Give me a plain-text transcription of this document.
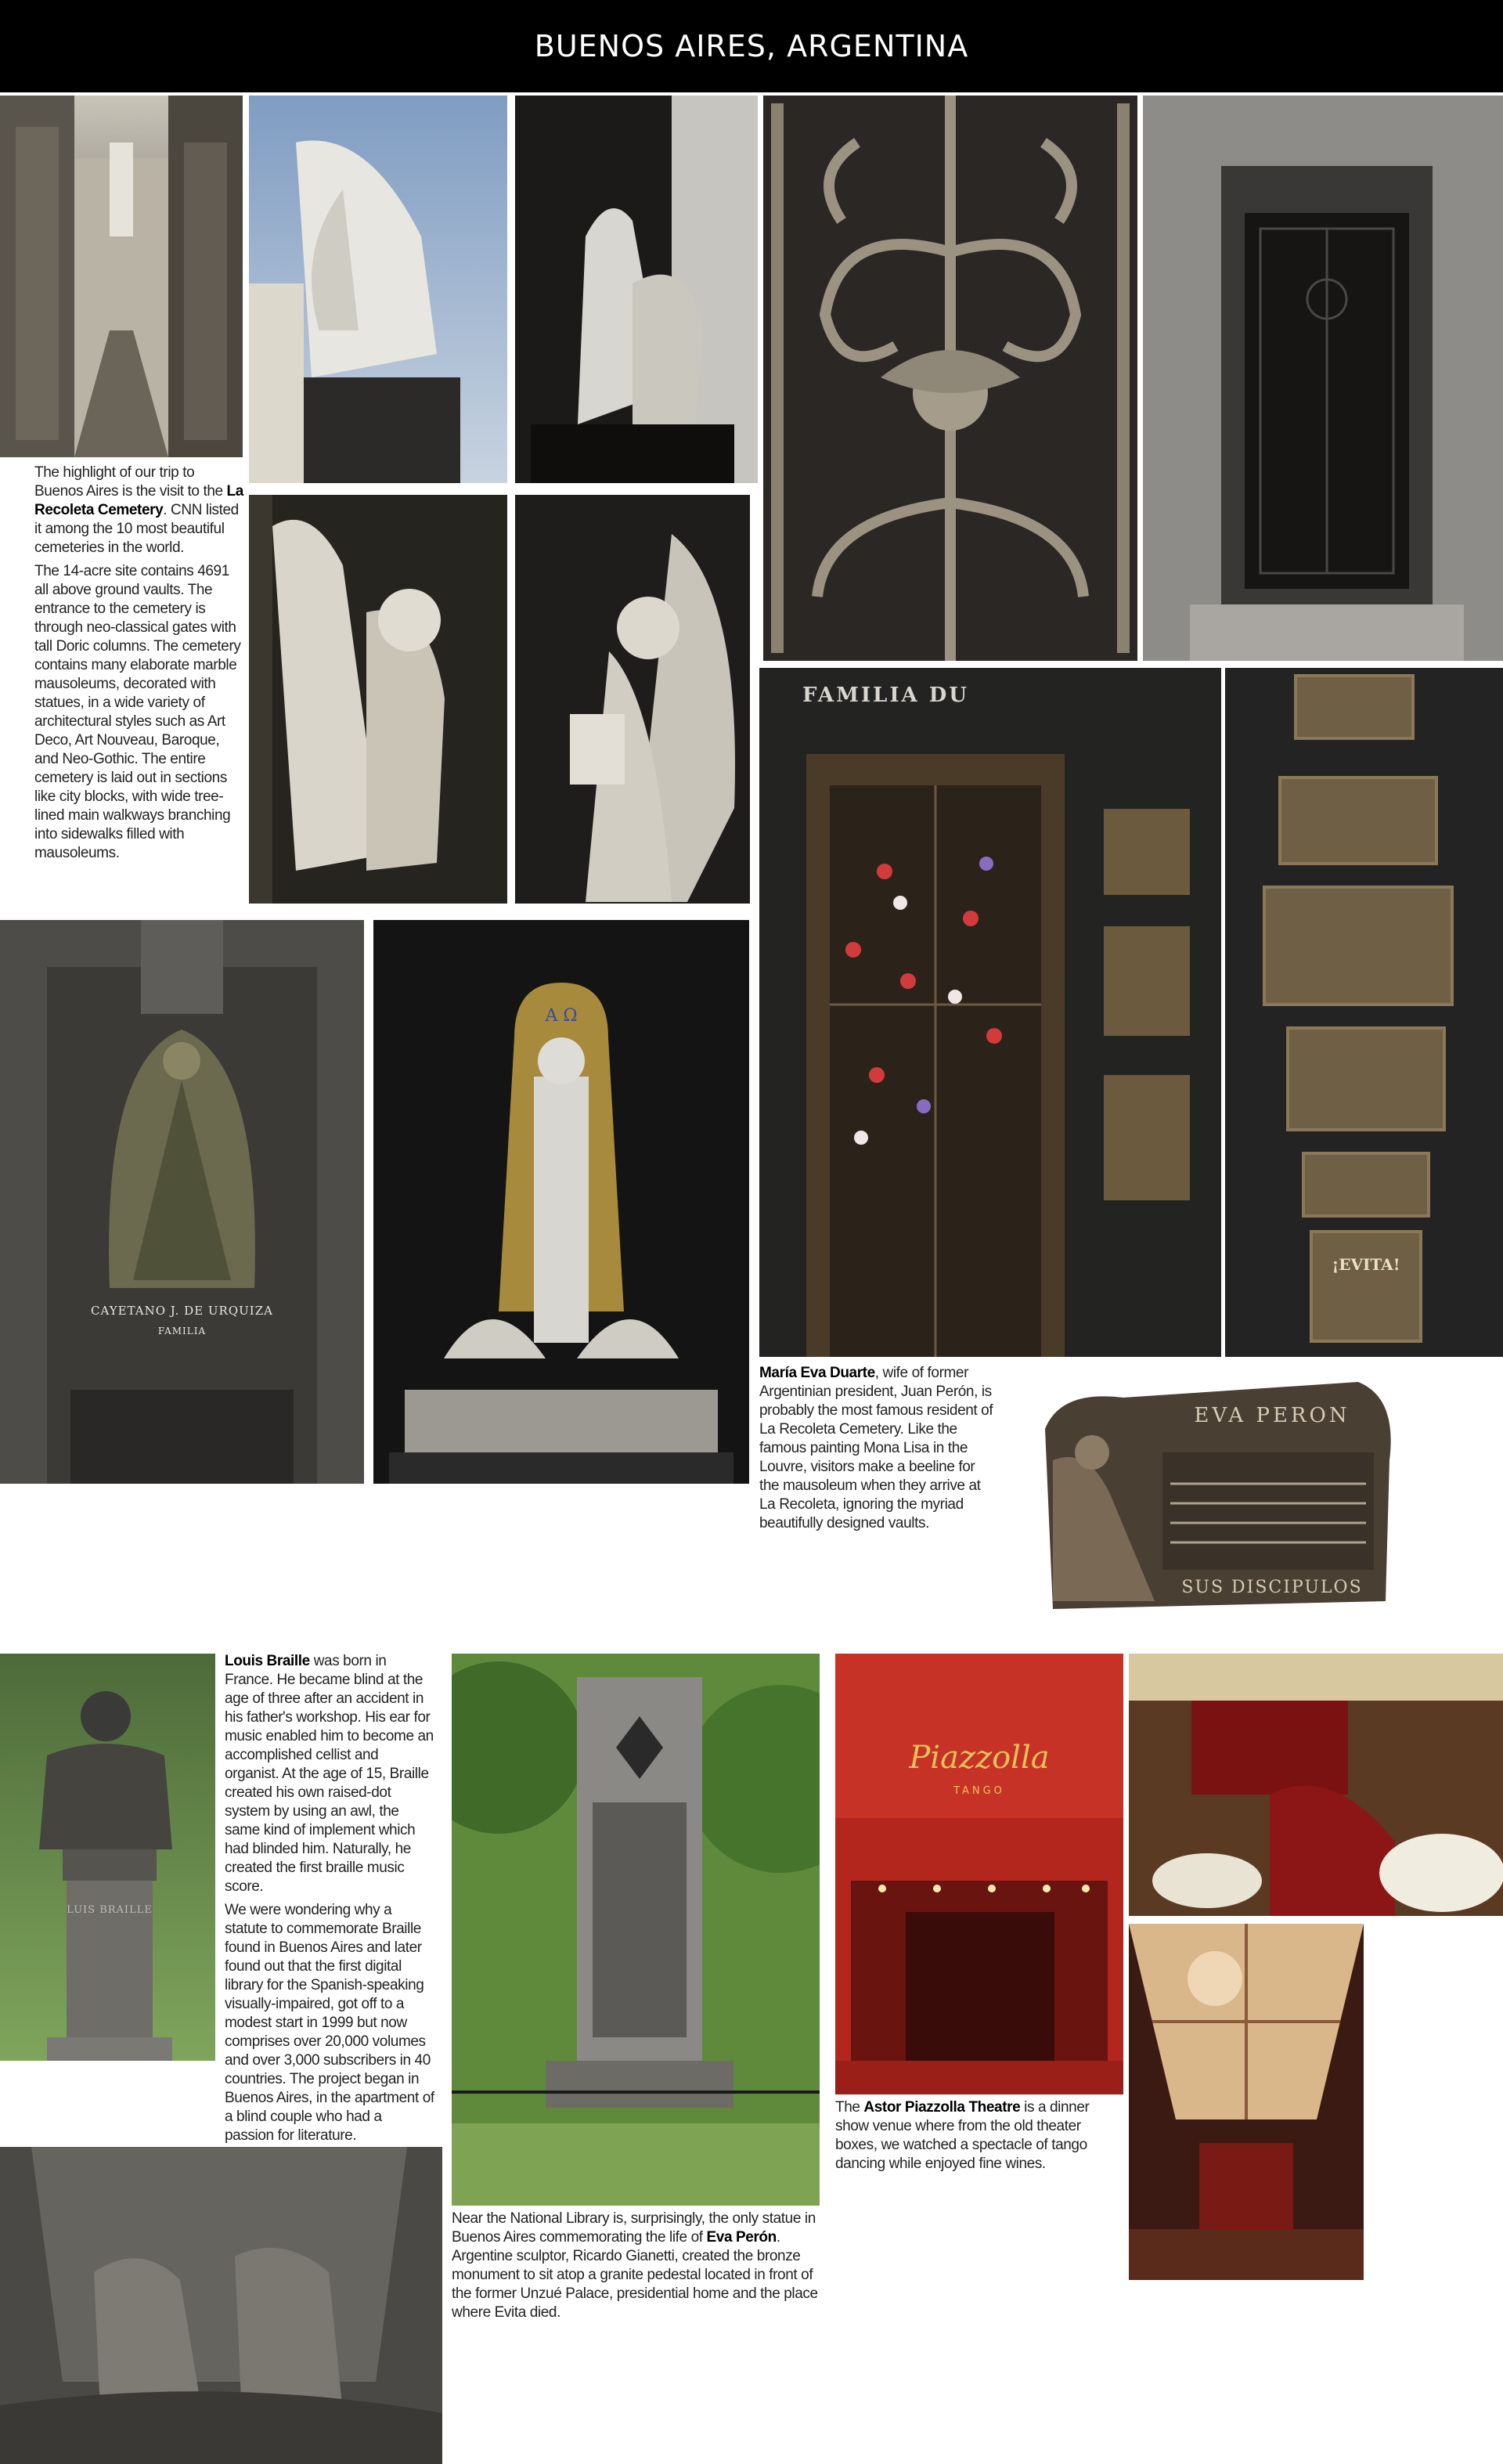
BUENOS AIRES, ARGENTINA

The highlight of our trip to Buenos Aires is the visit to the La Recoleta Cemetery. CNN listed it among the 10 most beautiful cemeteries in the world.

The 14-acre site contains 4691 all above ground vaults. The entrance to the cemetery is through neo-classical gates with tall Doric columns. The cemetery contains many elaborate marble mausoleums, decorated with statues, in a wide variety of architectural styles such as Art Deco, Art Nouveau, Baroque, and Neo-Gothic. The entire cemetery is laid out in sections like city blocks, with wide tree-lined main walkways branching into sidewalks filled with mausoleums.

CAYETANO J. DE URQUIZA
FAMILIA
A Ω
FAMILIA DU
¡EVITA!

María Eva Duarte, wife of former Argentinian president, Juan Perón, is probably the most famous resident of La Recoleta Cemetery. Like the famous painting Mona Lisa in the Louvre, visitors make a beeline for the mausoleum when they arrive at La Recoleta, ignoring the myriad beautifully designed vaults.

EVA PERON
SUS DISCIPULOS
LUIS BRAILLE

Louis Braille was born in France. He became blind at the age of three after an accident in his father's workshop. His ear for music enabled him to become an accomplished cellist and organist. At the age of 15, Braille created his own raised-dot system by using an awl, the same kind of implement which had blinded him. Naturally, he created the first braille music score.

We were wondering why a statute to commemorate Braille found in Buenos Aires and later found out that the first digital library for the Spanish-speaking visually-impaired, got off to a modest start in 1999 but now comprises over 20,000 volumes and over 3,000 subscribers in 40 countries. The project began in Buenos Aires, in the apartment of a blind couple who had a passion for literature.

Near the National Library is, surprisingly, the only statue in Buenos Aires commemorating the life of Eva Perón. Argentine sculptor, Ricardo Gianetti, created the bronze monument to sit atop a granite pedestal located in front of the former Unzué Palace, presidential home and the place where Evita died.

Piazzolla
TANGO

The Astor Piazzolla Theatre is a dinner show venue where from the old theater boxes, we watched a spectacle of tango dancing while enjoyed fine wines.
